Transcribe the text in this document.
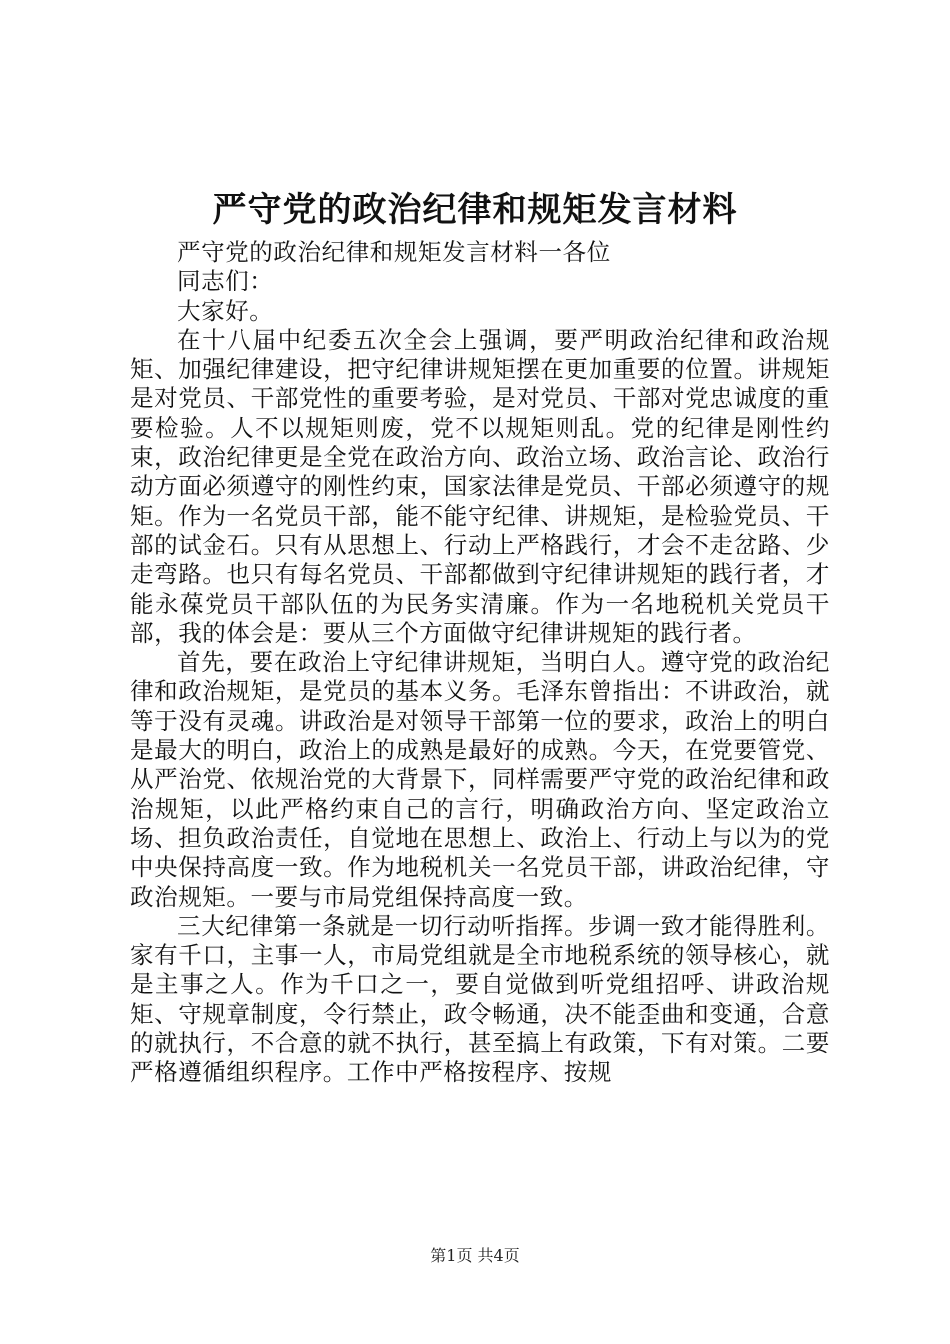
严守党的政治纪律和规矩发言材料

严守党的政治纪律和规矩发言材料一各位

同志们：

大家好。

在十八届中纪委五次全会上强调，要严明政治纪律和政治规矩、加强纪律建设，把守纪律讲规矩摆在更加重要的位置。讲规矩是对党员、干部党性的重要考验，是对党员、干部对党忠诚度的重要检验。人不以规矩则废，党不以规矩则乱。党的纪律是刚性约束，政治纪律更是全党在政治方向、政治立场、政治言论、政治行动方面必须遵守的刚性约束，国家法律是党员、干部必须遵守的规矩。作为一名党员干部，能不能守纪律、讲规矩，是检验党员、干部的试金石。只有从思想上、行动上严格践行，才会不走岔路、少走弯路。也只有每名党员、干部都做到守纪律讲规矩的践行者，才能永葆党员干部队伍的为民务实清廉。作为一名地税机关党员干部，我的体会是：要从三个方面做守纪律讲规矩的践行者。

首先，要在政治上守纪律讲规矩，当明白人。遵守党的政治纪律和政治规矩，是党员的基本义务。毛泽东曾指出：不讲政治，就等于没有灵魂。讲政治是对领导干部第一位的要求，政治上的明白是最大的明白，政治上的成熟是最好的成熟。今天，在党要管党、从严治党、依规治党的大背景下，同样需要严守党的政治纪律和政治规矩，以此严格约束自己的言行，明确政治方向、坚定政治立场、担负政治责任，自觉地在思想上、政治上、行动上与以为的党中央保持高度一致。作为地税机关一名党员干部，讲政治纪律，守政治规矩。一要与市局党组保持高度一致。

三大纪律第一条就是一切行动听指挥。步调一致才能得胜利。家有千口，主事一人，市局党组就是全市地税系统的领导核心，就是主事之人。作为千口之一，要自觉做到听党组招呼、讲政治规矩、守规章制度，令行禁止，政令畅通，决不能歪曲和变通，合意的就执行，不合意的就不执行，甚至搞上有政策，下有对策。二要严格遵循组织程序。工作中严格按程序、按规

第1页 共4页
